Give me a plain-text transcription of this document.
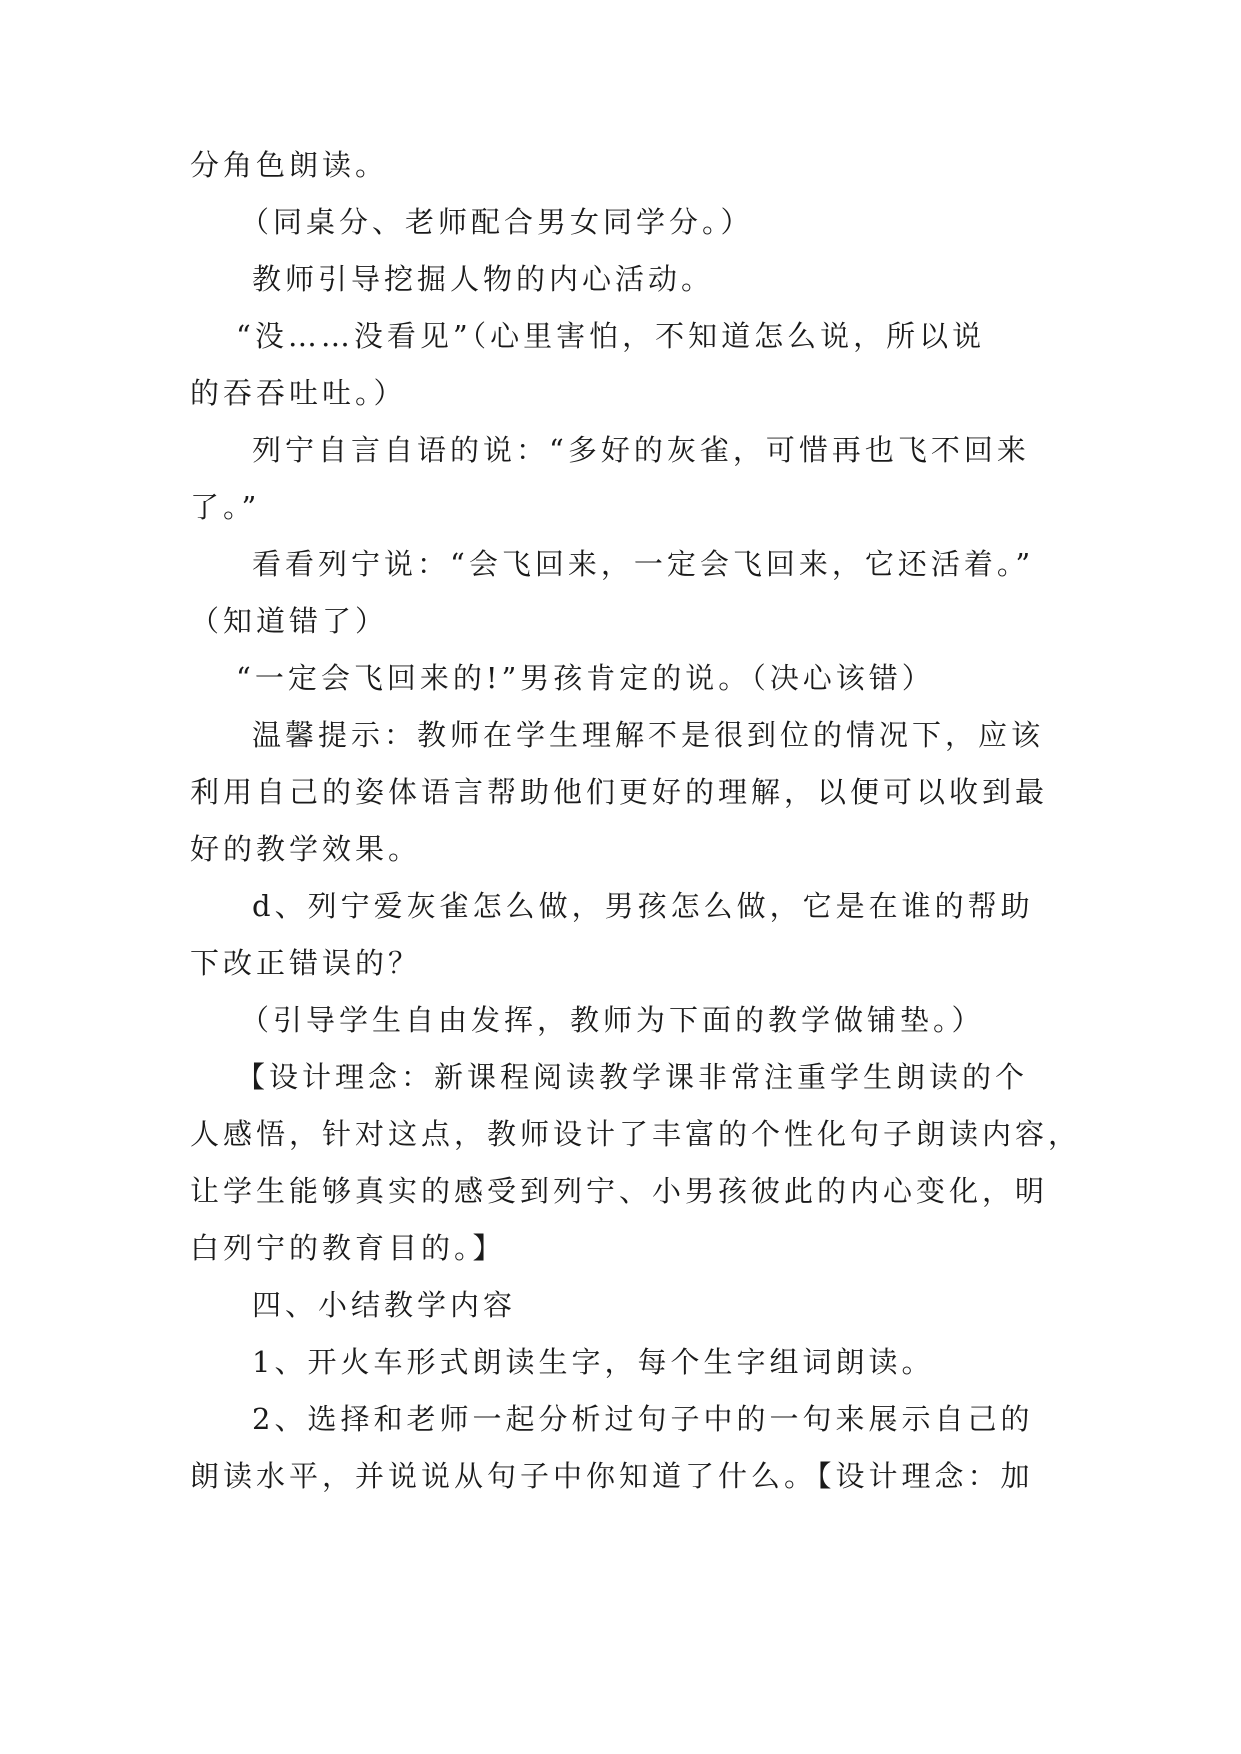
分角色朗读。
（同桌分、老师配合男女同学分。）
教师引导挖掘人物的内心活动。
“没……没看见”（心里害怕，不知道怎么说，所以说
的吞吞吐吐。）
列宁自言自语的说：“多好的灰雀，可惜再也飞不回来
了。”
看看列宁说：“会飞回来，一定会飞回来，它还活着。”
（知道错了）
“一定会飞回来的!”男孩肯定的说。（决心该错）
温馨提示：教师在学生理解不是很到位的情况下，应该
利用自己的姿体语言帮助他们更好的理解，以便可以收到最
好的教学效果。
d、列宁爱灰雀怎么做，男孩怎么做，它是在谁的帮助
下改正错误的？
（引导学生自由发挥，教师为下面的教学做铺垫。）
【设计理念：新课程阅读教学课非常注重学生朗读的个
人感悟，针对这点，教师设计了丰富的个性化句子朗读内容，
让学生能够真实的感受到列宁、小男孩彼此的内心变化，明
白列宁的教育目的。】
四、小结教学内容
1、开火车形式朗读生字，每个生字组词朗读。
2、选择和老师一起分析过句子中的一句来展示自己的
朗读水平，并说说从句子中你知道了什么。【设计理念：加
